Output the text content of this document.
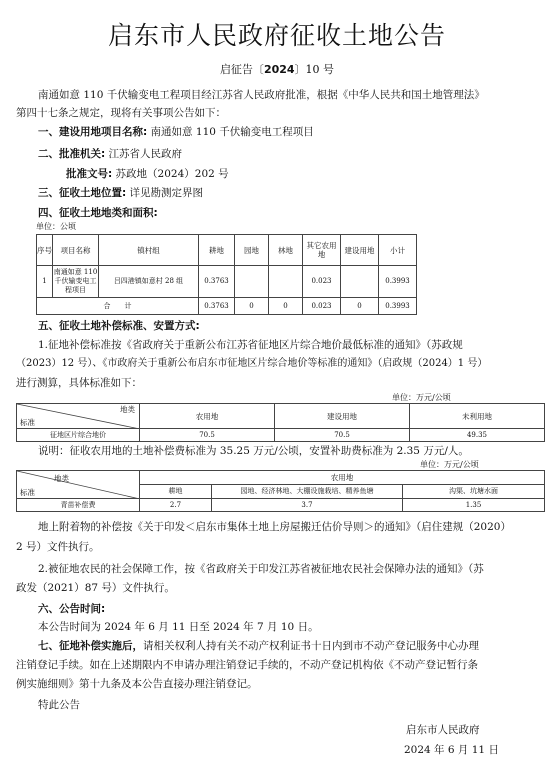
启东市人民政府征收土地公告
启征告〔2024〕10 号
南通如意 110 千伏输变电工程项目经江苏省人民政府批准，根据《中华人民共和国土地管理法》
第四十七条之规定，现将有关事项公告如下：
一、建设用地项目名称: 南通如意 110 千伏输变电工程项目
二、批准机关: 江苏省人民政府
批准文号: 苏政地（2024）202 号
三、征收土地位置: 详见勘测定界图
四、征收土地地类和面积:
单位：公顷
序号	项目名称	镇村组	耕地	园地	林地	其它农用地	建设用地	小计
1	南通如意 110 千伏输变电工程项目	吕四港镇如意村 28 组	0.3763			0.023		0.3993
合　　计			0.3763	0	0	0.023	0	0.3993
五、征收土地补偿标准、安置方式:
1.征地补偿标准按《省政府关于重新公布江苏省征地区片综合地价最低标准的通知》（苏政规
（2023）12 号）、《市政府关于重新公布启东市征地区片综合地价等标准的通知》（启政规（2024）1 号）
进行测算，具体标准如下：
单位：万元/公顷
地类
标准	农用地	建设用地	未利用地
征地区片综合地价	70.5	70.5	49.35
说明：征收农用地的土地补偿费标准为 35.25 万元/公顷，安置补助费标准为 2.35 万元/人。
单位：万元/公顷
地类
标准	农用地		
	耕地	园地、经济林地、大棚设施栽培、精养鱼塘	沟渠、坑塘水面
青苗补偿费	2.7	3.7	1.35
地上附着物的补偿按《关于印发＜启东市集体土地上房屋搬迁估价导则＞的通知》（启住建规（2020）
2 号）文件执行。
2.被征地农民的社会保障工作，按《省政府关于印发江苏省被征地农民社会保障办法的通知》（苏
政发（2021）87 号）文件执行。
六、公告时间:
本公告时间为 2024 年 6 月 11 日至 2024 年 7 月 10 日。
七、征地补偿实施后，请相关权利人持有关不动产权利证书十日内到市不动产登记服务中心办理
注销登记手续。如在上述期限内不申请办理注销登记手续的，不动产登记机构依《不动产登记暂行条
例实施细则》第十九条及本公告直接办理注销登记。
特此公告
启东市人民政府
2024 年 6 月 11 日
